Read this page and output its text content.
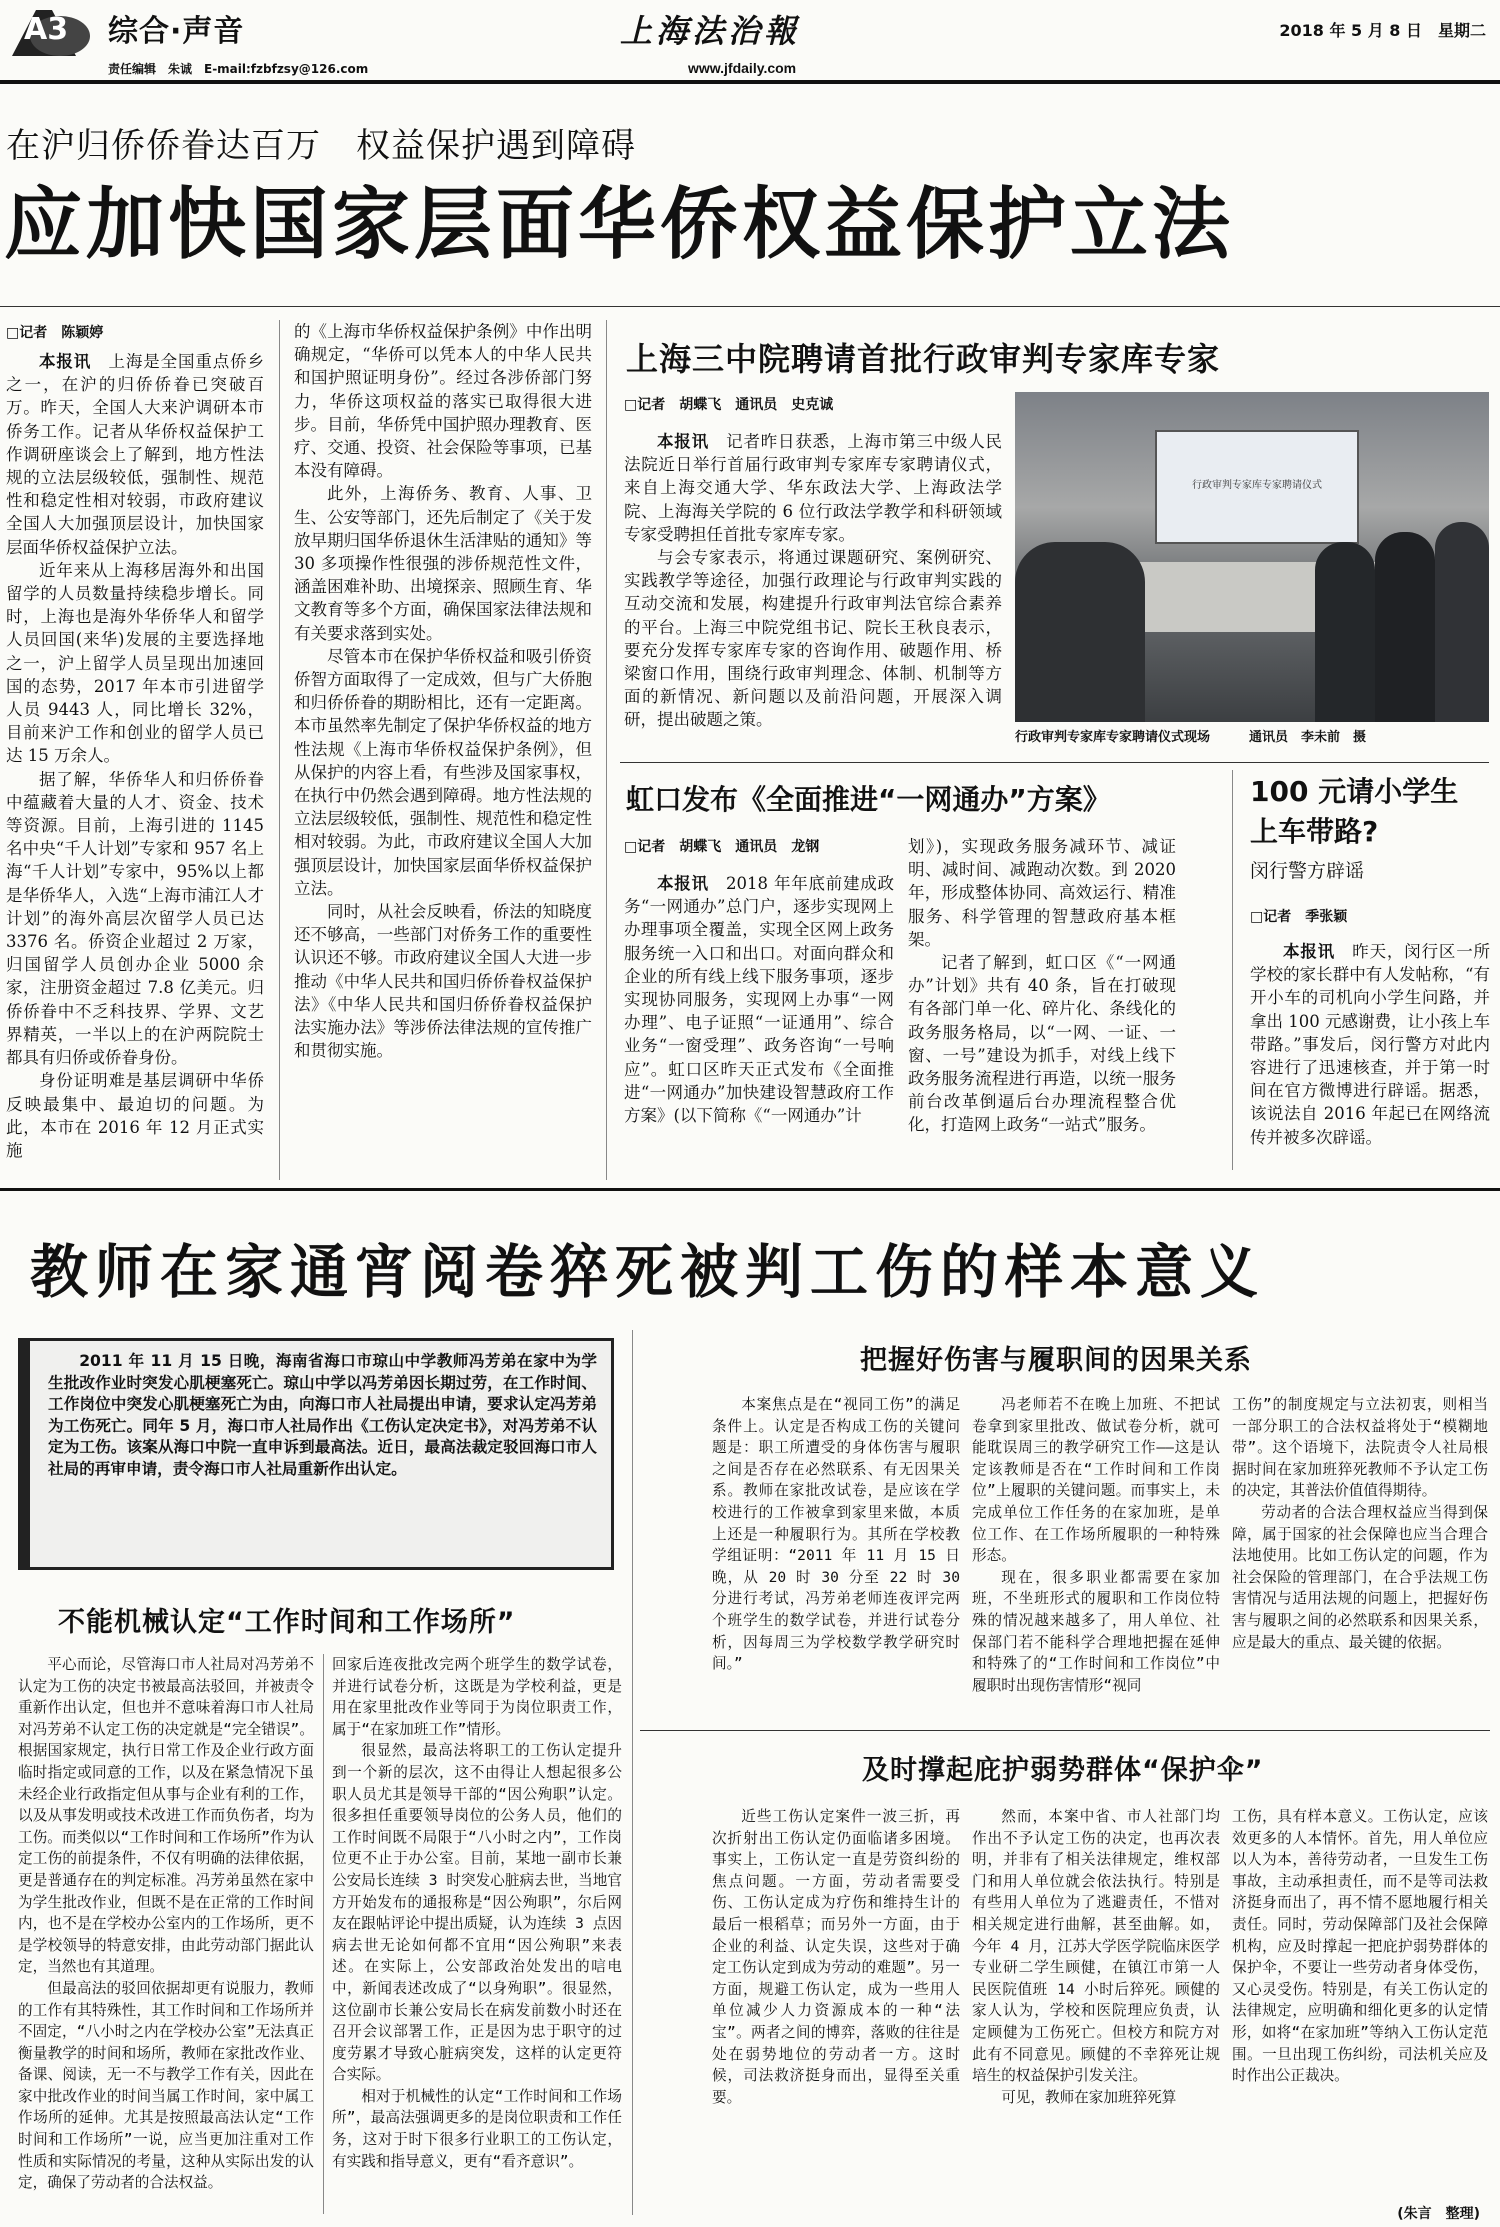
A3 综合·声音	上海法治報	2018 年 5 月 8 日　星期二
责任编辑　朱诚　E-mail:fzbfzsy@126.com	www.jfdaily.com
在沪归侨侨眷达百万　权益保护遇到障碍
应加快国家层面华侨权益保护立法
□记者　陈颖婷

本报讯　 上海是全国重点侨乡之一，在沪的归侨侨眷已突破百万。昨天，全国人大来沪调研本市侨务工作。记者从华侨权益保护工作调研座谈会上了解到，地方性法规的立法层级较低，强制性、规范性和稳定性相对较弱，市政府建议全国人大加强顶层设计，加快国家层面华侨权益保护立法。

近年来从上海移居海外和出国留学的人员数量持续稳步增长。同时，上海也是海外华侨华人和留学人员回国(来华)发展的主要选择地之一，沪上留学人员呈现出加速回国的态势，2017 年本市引进留学人员 9443 人，同比增长 32%，目前来沪工作和创业的留学人员已达 15 万余人。

据了解，华侨华人和归侨侨眷中蕴藏着大量的人才、资金、技术等资源。目前，上海引进的 1145 名中央“千人计划”专家和 957 名上海“千人计划”专家中，95%以上都是华侨华人，入选“上海市浦江人才计划”的海外高层次留学人员已达 3376 名。侨资企业超过 2 万家，归国留学人员创办企业 5000 余家，注册资金超过 7.8 亿美元。归侨侨眷中不乏科技界、学界、文艺界精英，一半以上的在沪两院院士都具有归侨或侨眷身份。

身份证明难是基层调研中华侨反映最集中、最迫切的问题。为此，本市在 2016 年 12 月正式实施

的《上海市华侨权益保护条例》中作出明确规定，“华侨可以凭本人的中华人民共和国护照证明身份”。经过各涉侨部门努力，华侨这项权益的落实已取得很大进步。目前，华侨凭中国护照办理教育、医疗、交通、投资、社会保险等事项，已基本没有障碍。

此外，上海侨务、教育、人事、卫生、公安等部门，还先后制定了《关于发放早期归国华侨退休生活津贴的通知》等 30 多项操作性很强的涉侨规范性文件，涵盖困难补助、出境探亲、照顾生育、华文教育等多个方面，确保国家法律法规和有关要求落到实处。

尽管本市在保护华侨权益和吸引侨资侨智方面取得了一定成效，但与广大侨胞和归侨侨眷的期盼相比，还有一定距离。本市虽然率先制定了保护华侨权益的地方性法规《上海市华侨权益保护条例》，但从保护的内容上看，有些涉及国家事权，在执行中仍然会遇到障碍。地方性法规的立法层级较低，强制性、规范性和稳定性相对较弱。为此，市政府建议全国人大加强顶层设计，加快国家层面华侨权益保护立法。

同时，从社会反映看，侨法的知晓度还不够高，一些部门对侨务工作的重要性认识还不够。市政府建议全国人大进一步推动《中华人民共和国归侨侨眷权益保护法》《中华人民共和国归侨侨眷权益保护法实施办法》等涉侨法律法规的宣传推广和贯彻实施。

上海三中院聘请首批行政审判专家库专家
□记者　胡蝶飞　通讯员　史克诚

本报讯　 记者昨日获悉，上海市第三中级人民法院近日举行首届行政审判专家库专家聘请仪式，来自上海交通大学、华东政法大学、上海政法学院、上海海关学院的 6 位行政法学教学和科研领域专家受聘担任首批专家库专家。

与会专家表示，将通过课题研究、案例研究、实践教学等途径，加强行政理论与行政审判实践的互动交流和发展，构建提升行政审判法官综合素养的平台。上海三中院党组书记、院长王秋良表示，要充分发挥专家库专家的咨询作用、破题作用、桥梁窗口作用，围绕行政审判理念、体制、机制等方面的新情况、新问题以及前沿问题，开展深入调研，提出破题之策。

行政审判专家库专家聘请仪式
行政审判专家库专家聘请仪式现场　　　通讯员　李未前　摄
虹口发布《全面推进“一网通办”方案》
□记者　胡蝶飞　通讯员　龙钢

本报讯　 2018 年年底前建成政务“一网通办”总门户，逐步实现网上办理事项全覆盖，实现全区网上政务服务统一入口和出口。对面向群众和企业的所有线上线下服务事项，逐步实现协同服务，实现网上办事“一网办理”、电子证照“一证通用”、综合业务“一窗受理”、政务咨询“一号响应”。虹口区昨天正式发布《全面推进“一网通办”加快建设智慧政府工作方案》(以下简称《“一网通办”计

划》)，实现政务服务减环节、减证明、减时间、减跑动次数。到 2020 年，形成整体协同、高效运行、精准服务、科学管理的智慧政府基本框架。

记者了解到，虹口区《“一网通办”计划》共有 40 条，旨在打破现有各部门单一化、碎片化、条线化的政务服务格局，以“一网、一证、一窗、一号”建设为抓手，对线上线下政务服务流程进行再造，以统一服务前台改革倒逼后台办理流程整合优化，打造网上政务“一站式”服务。

100 元请小学生
上车带路?
闵行警方辟谣
□记者　季张颖

本报讯　 昨天，闵行区一所学校的家长群中有人发帖称，“有开小车的司机向小学生问路，并拿出 100 元感谢费，让小孩上车带路。”事发后，闵行警方对此内容进行了迅速核查，并于第一时间在官方微博进行辟谣。据悉，该说法自 2016 年起已在网络流传并被多次辟谣。

教师在家通宵阅卷猝死被判工伤的样本意义

2011 年 11 月 15 日晚，海南省海口市琼山中学教师冯芳弟在家中为学生批改作业时突发心肌梗塞死亡。琼山中学以冯芳弟因长期过劳，在工作时间、工作岗位中突发心肌梗塞死亡为由，向海口市人社局提出申请，要求认定冯芳弟为工伤死亡。同年 5 月，海口市人社局作出《工伤认定决定书》，对冯芳弟不认定为工伤。该案从海口中院一直申诉到最高法。近日，最高法裁定驳回海口市人社局的再审申请，责令海口市人社局重新作出认定。

不能机械认定“工作时间和工作场所”

平心而论，尽管海口市人社局对冯芳弟不认定为工伤的决定书被最高法驳回，并被责令重新作出认定，但也并不意味着海口市人社局对冯芳弟不认定工伤的决定就是“完全错误”。根据国家规定，执行日常工作及企业行政方面临时指定或同意的工作，以及在紧急情况下虽未经企业行政指定但从事与企业有利的工作，以及从事发明或技术改进工作而负伤者，均为工伤。而类似以“工作时间和工作场所”作为认定工伤的前提条件，不仅有明确的法律依据，更是普通存在的判定标准。冯芳弟虽然在家中为学生批改作业，但既不是在正常的工作时间内，也不是在学校办公室内的工作场所，更不是学校领导的特意安排，由此劳动部门据此认定，当然也有其道理。

但最高法的驳回依据却更有说服力，教师的工作有其特殊性，其工作时间和工作场所并不固定，“八小时之内在学校办公室”无法真正衡量教学的时间和场所，教师在家批改作业、备课、阅读，无一不与教学工作有关，因此在家中批改作业的时间当属工作时间，家中属工作场所的延伸。尤其是按照最高法认定“工作时间和工作场所”一说，应当更加注重对工作性质和实际情况的考量，这种从实际出发的认定，确保了劳动者的合法权益。

回家后连夜批改完两个班学生的数学试卷，并进行试卷分析，这既是为学校利益，更是用在家里批改作业等同于为岗位职责工作，属于“在家加班工作”情形。

很显然，最高法将职工的工伤认定提升到一个新的层次，这不由得让人想起很多公职人员尤其是领导干部的“因公殉职”认定。很多担任重要领导岗位的公务人员，他们的工作时间既不局限于“八小时之内”，工作岗位更不止于办公室。目前，某地一副市长兼公安局长连续 3 时突发心脏病去世，当地官方开始发布的通报称是“因公殉职”，尔后网友在跟帖评论中提出质疑，认为连续 3 点因病去世无论如何都不宜用“因公殉职”来表述。在实际上，公安部政治处发出的唁电中，新闻表述改成了“以身殉职”。很显然，这位副市长兼公安局长在病发前数小时还在召开会议部署工作，正是因为忠于职守的过度劳累才导致心脏病突发，这样的认定更符合实际。

相对于机械性的认定“工作时间和工作场所”，最高法强调更多的是岗位职责和工作任务，这对于时下很多行业职工的工伤认定，有实践和指导意义，更有“看齐意识”。

把握好伤害与履职间的因果关系

本案焦点是在“视同工伤”的满足条件上。认定是否构成工伤的关键问题是：职工所遭受的身体伤害与履职之间是否存在必然联系、有无因果关系。教师在家批改试卷，是应该在学校进行的工作被拿到家里来做，本质上还是一种履职行为。其所在学校教学组证明：“2011 年 11 月 15 日晚，从 20 时 30 分至 22 时 30 分进行考试，冯芳弟老师连夜评完两个班学生的数学试卷，并进行试卷分析，因每周三为学校数学教学研究时间。”

冯老师若不在晚上加班、不把试卷拿到家里批改、做试卷分析，就可能耽误周三的教学研究工作——这是认定该教师是否在“工作时间和工作岗位”上履职的关键问题。而事实上，未完成单位工作任务的在家加班，是单位工作、在工作场所履职的一种特殊形态。

现在，很多职业都需要在家加班，不坐班形式的履职和工作岗位特殊的情况越来越多了，用人单位、社保部门若不能科学合理地把握在延伸和特殊了的“工作时间和工作岗位”中履职时出现伤害情形“视同

工伤”的制度规定与立法初衷，则相当一部分职工的合法权益将处于“模糊地带”。这个语境下，法院责令人社局根据时间在家加班猝死教师不予认定工伤的决定，其普法价值值得期待。

劳动者的合法合理权益应当得到保障，属于国家的社会保障也应当合理合法地使用。比如工伤认定的问题，作为社会保险的管理部门，在合乎法规工伤害情况与适用法规的问题上，把握好伤害与履职之间的必然联系和因果关系，应是最大的重点、最关键的依据。

及时撑起庇护弱势群体“保护伞”

近些工伤认定案件一波三折，再次折射出工伤认定仍面临诸多困境。事实上，工伤认定一直是劳资纠纷的焦点问题。一方面，劳动者需要受伤、工伤认定成为疗伤和维持生计的最后一根稻草；而另外一方面，由于企业的利益、认定失误，这些对于确定工伤认定到成为劳动的难题”。另一方面，规避工伤认定，成为一些用人单位减少人力资源成本的一种“法宝”。两者之间的博弈，落败的往往是处在弱势地位的劳动者一方。这时候，司法救济挺身而出，显得至关重要。

然而，本案中省、市人社部门均作出不予认定工伤的决定，也再次表明，并非有了相关法律规定，维权部门和用人单位就会依法执行。特别是有些用人单位为了逃避责任，不惜对相关规定进行曲解，甚至曲解。如，今年 4 月，江苏大学医学院临床医学专业研二学生顾健，在镇江市第一人民医院值班 14 小时后猝死。顾健的家人认为，学校和医院理应负责，认定顾健为工伤死亡。但校方和院方对此有不同意见。顾健的不幸猝死让规培生的权益保护引发关注。

可见，教师在家加班猝死算

工伤，具有样本意义。工伤认定，应该效更多的人本情怀。首先，用人单位应以人为本，善待劳动者，一旦发生工伤事故，主动承担责任，而不是等司法救济挺身而出了，再不情不愿地履行相关责任。同时，劳动保障部门及社会保障机构，应及时撑起一把庇护弱势群体的保护伞，不要让一些劳动者身体受伤，又心灵受伤。特别是，有关工伤认定的法律规定，应明确和细化更多的认定情形，如将“在家加班”等纳入工伤认定范围。一旦出现工伤纠纷，司法机关应及时作出公正裁决。

(朱言　整理)
